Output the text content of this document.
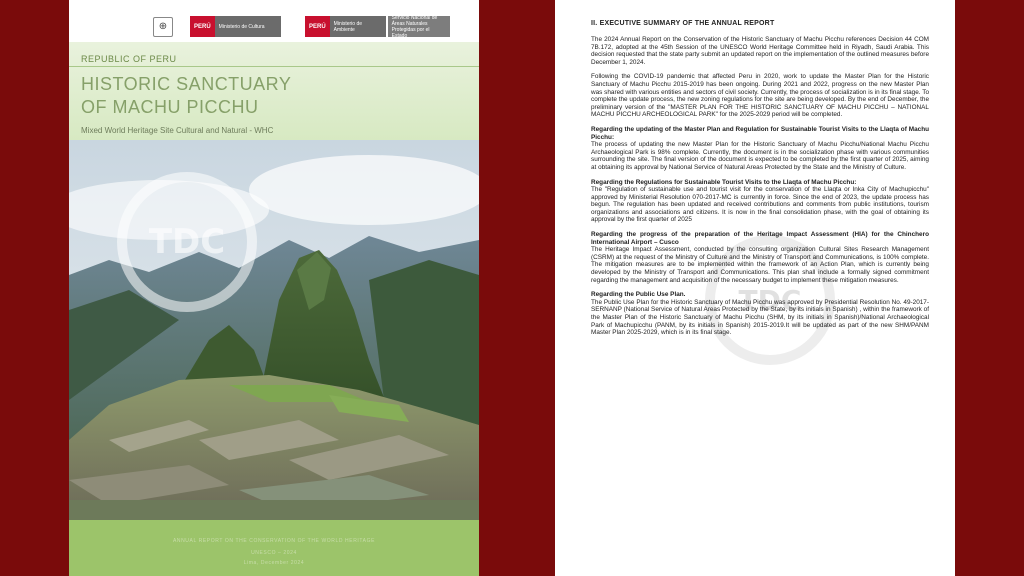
⊕	PERÚ	Ministerio de Cultura	PERÚ	Ministerio de Ambiente
Servicio Nacional de Áreas Naturales Protegidas por el Estado
REPUBLIC OF PERU
HISTORIC SANCTUARY
OF MACHU PICCHU
Mixed World Heritage Site Cultural and Natural - WHC
TDC
ANNUAL REPORT ON THE CONSERVATION OF THE WORLD HERITAGE
UNESCO – 2024
Lima, December 2024
TDC
II. EXECUTIVE SUMMARY OF THE ANNUAL REPORT

The 2024 Annual Report on the Conservation of the Historic Sanctuary of Machu Picchu references Decision 44 COM 7B.172, adopted at the 45th Session of the UNESCO World Heritage Committee held in Riyadh, Saudi Arabia. This decision requested that the state party submit an updated report on the implementation of the outlined measures before December 1, 2024.

Following the COVID-19 pandemic that affected Peru in 2020, work to update the Master Plan for the Historic Sanctuary of Machu Picchu 2015-2019 has been ongoing. During 2021 and 2022, progress on the new Master Plan was shared with various entities and sectors of civil society. Currently, the process of socialization is in its final stage. To complete the update process, the new zoning regulations for the site are being developed. By the end of December, the preliminary version of the "MASTER PLAN FOR THE HISTORIC SANCTUARY OF MACHU PICCHU – NATIONAL MACHU PICCHU ARCHEOLOGICAL PARK" for the 2025-2029 period will be completed.

Regarding the updating of the Master Plan and Regulation for Sustainable Tourist Visits to the Llaqta of Machu Picchu:

The process of updating the new Master Plan for the Historic Sanctuary of Machu Picchu/National Machu Picchu Archaeological Park is 98% complete. Currently, the document is in the socialization phase with various communities surrounding the site. The final version of the document is expected to be completed by the first quarter of 2025, aiming at obtaining its approval by National Service of Natural Areas Protected by the State and the Ministry of Culture.

Regarding the Regulations for Sustainable Tourist Visits to the Llaqta of Machu Picchu:

The "Regulation of sustainable use and tourist visit for the conservation of the Llaqta or Inka City of Machupicchu" approved by Ministerial Resolution 070-2017-MC is currently in force. Since the end of 2023, the update process has begun. The regulation has been updated and received contributions and comments from public institutions, tourism organizations and associations and citizens. It is now in the final consolidation phase, with the goal of obtaining its approval by the first quarter of 2025

Regarding the progress of the preparation of the Heritage Impact Assessment (HIA) for the Chinchero International Airport – Cusco

The Heritage Impact Assessment, conducted by the consulting organization Cultural Sites Research Management (CSRM) at the request of the Ministry of Culture and the Ministry of Transport and Communications, is 100% complete. The mitigation measures are to be implemented within the framework of an Action Plan, which is currently being developed by the Ministry of Transport and Communications. This plan shall include a formally signed commitment regarding the management and acquisition of the necessary budget to implement these mitigation measures.

Regarding the Public Use Plan.

The Public Use Plan for the Historic Sanctuary of Machu Picchu was approved by Presidential Resolution No. 49-2017-SERNANP (National Service of Natural Areas Protected by the State, by its initials in Spanish) , within the framework of the Master Plan of the Historic Sanctuary of Machu Picchu (SHM, by its initials in Spanish)/National Archaeological Park of Machupicchu (PANM, by its initials in Spanish) 2015-2019.It will be updated as part of the new SHM/PANM Master Plan 2025-2029, which is in its final stage.
